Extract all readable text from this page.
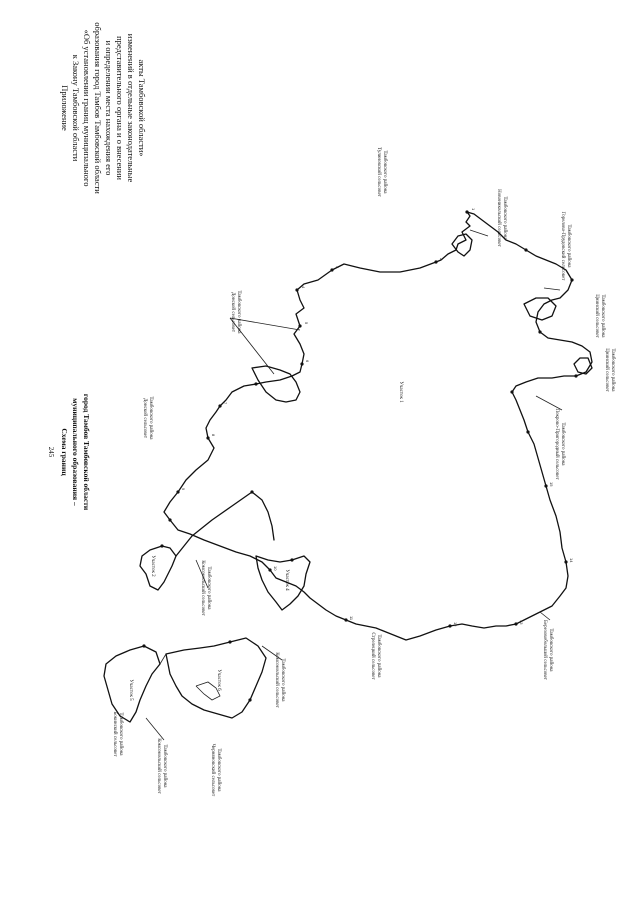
245
Приложение к Закону Тамбовской области «Об установлении границ муниципального образования город Тамбов Тамбовской области и определении места нахождения его представительного органа и о внесении изменений в отдельные законодательные акты Тамбовской области»
Схема границ муниципального образования – город Тамбов Тамбовской области
1
2
3
4
5
6
7
8
9
10
11
12	13
14
15
Участок 1
Участок 2
Участок 4
Участок 5	Участок 6
Тулиновский сельсовет Тамбовского района
Новоникольский сельсовет Тамбовского района	Горелово-Прудовский сельсовет Тамбовского района
Цнинский сельсовет Тамбовского района
Цнинский сельсовет Тамбовского района
Донской сельсовет Тамбовского района
Донской сельсовет Тамбовского района	Покрово-Пригородный сельсовет Тамбовского района
Комсомольский сельсовет Тамбовского района
Комсомольский сельсовет Тамбовского района
Комсомольский сельсовет Тамбовского района
Стрелецкий сельсовет Тамбовского района
Бокинский сельсовет Тамбовского района
Черняновский сельсовет Тамбовского района
Березовобольшой сельсовет Тамбовского района
